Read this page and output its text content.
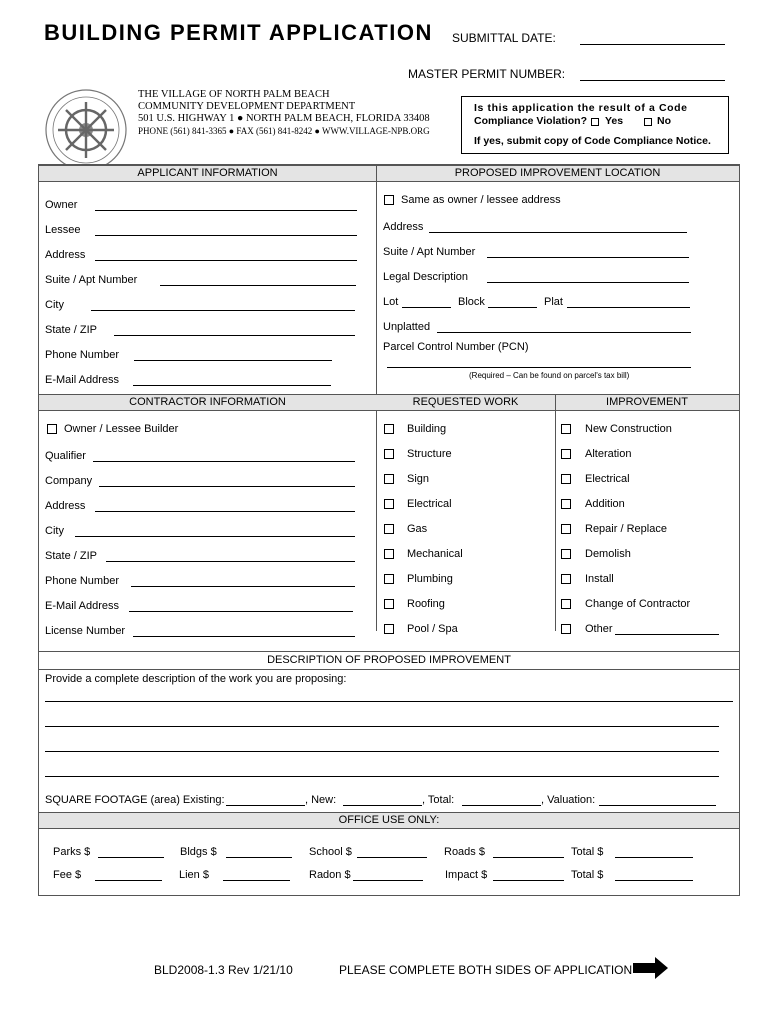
BUILDING PERMIT APPLICATION SUBMITTAL DATE:
MASTER PERMIT NUMBER:
THE VILLAGE OF NORTH PALM BEACH
COMMUNITY DEVELOPMENT DEPARTMENT
501 U.S. HIGHWAY 1 ● NORTH PALM BEACH, FLORIDA 33408
PHONE (561) 841-3365 ● FAX (561) 841-8242 ● WWW.VILLAGE-NPB.ORG
Is this application the result of a Code
Compliance Violation? Yes	No
If yes, submit copy of Code Compliance Notice.
APPLICANT INFORMATION	PROPOSED IMPROVEMENT LOCATION
Owner
Lessee
Address
Suite / Apt Number
City
State / ZIP
Phone Number
E-Mail Address
Same as owner / lessee address
Address
Suite / Apt Number
Legal Description
Lot	Block	Plat
Unplatted
Parcel Control Number (PCN)
(Required – Can be found on parcel's tax bill)
CONTRACTOR INFORMATION	REQUESTED WORK	IMPROVEMENT
Owner / Lessee Builder
Qualifier
Company
Address
City
State / ZIP
Phone Number
E-Mail Address
License Number
Building
Structure
Sign
Electrical
Gas
Mechanical
Plumbing
Roofing
Pool / Spa
New Construction
Alteration
Electrical
Addition
Repair / Replace
Demolish
Install
Change of Contractor
Other
DESCRIPTION OF PROPOSED IMPROVEMENT
Provide a complete description of the work you are proposing:
SQUARE FOOTAGE (area) Existing:	, New:	, Total:	, Valuation:
OFFICE USE ONLY:
Parks $	Bldgs $	School $	Roads $	Total $
Fee $	Lien $	Radon $	Impact $	Total $
BLD2008-1.3 Rev 1/21/10	PLEASE COMPLETE BOTH SIDES OF APPLICATION
